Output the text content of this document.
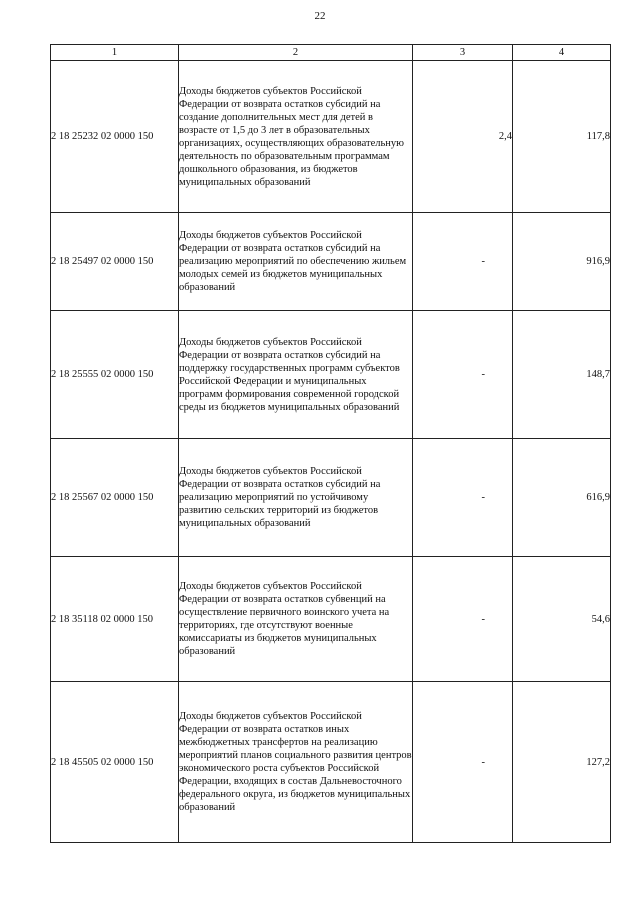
22
1	2	3	4
2 18 25232 02 0000 150	Доходы бюджетов субъектов Российской Федерации от возврата остатков субсидий на создание дополнительных мест для детей в возрасте от 1,5 до 3 лет в образовательных организациях, осуществляющих образовательную деятельность по образовательным программам дошкольного образования, из бюджетов муниципальных образований	2,4	117,8
2 18 25497 02 0000 150	Доходы бюджетов субъектов Российской Федерации от возврата остатков субсидий на реализацию мероприятий по обеспечению жильем молодых семей из бюджетов муниципальных образований	-	916,9
2 18 25555 02 0000 150	Доходы бюджетов субъектов Российской Федерации от возврата остатков субсидий на поддержку государственных программ субъектов Российской Федерации и муниципальных программ формирования современной городской среды из бюджетов муниципальных образований	-	148,7
2 18 25567 02 0000 150	Доходы бюджетов субъектов Российской Федерации от возврата остатков субсидий на реализацию мероприятий по устойчивому развитию сельских территорий из бюджетов муниципальных образований	-	616,9
2 18 35118 02 0000 150	Доходы бюджетов субъектов Российской Федерации от возврата остатков субвенций на осуществление первичного воинского учета на территориях, где отсутствуют военные комиссариаты из бюджетов муниципальных образований	-	54,6
2 18 45505 02 0000 150	Доходы бюджетов субъектов Российской Федерации от возврата остатков иных межбюджетных трансфертов на реализацию мероприятий планов социального развития центров экономического роста субъектов Российской Федерации, входящих в состав Дальневосточного федерального округа, из бюджетов муниципальных образований	-	127,2
